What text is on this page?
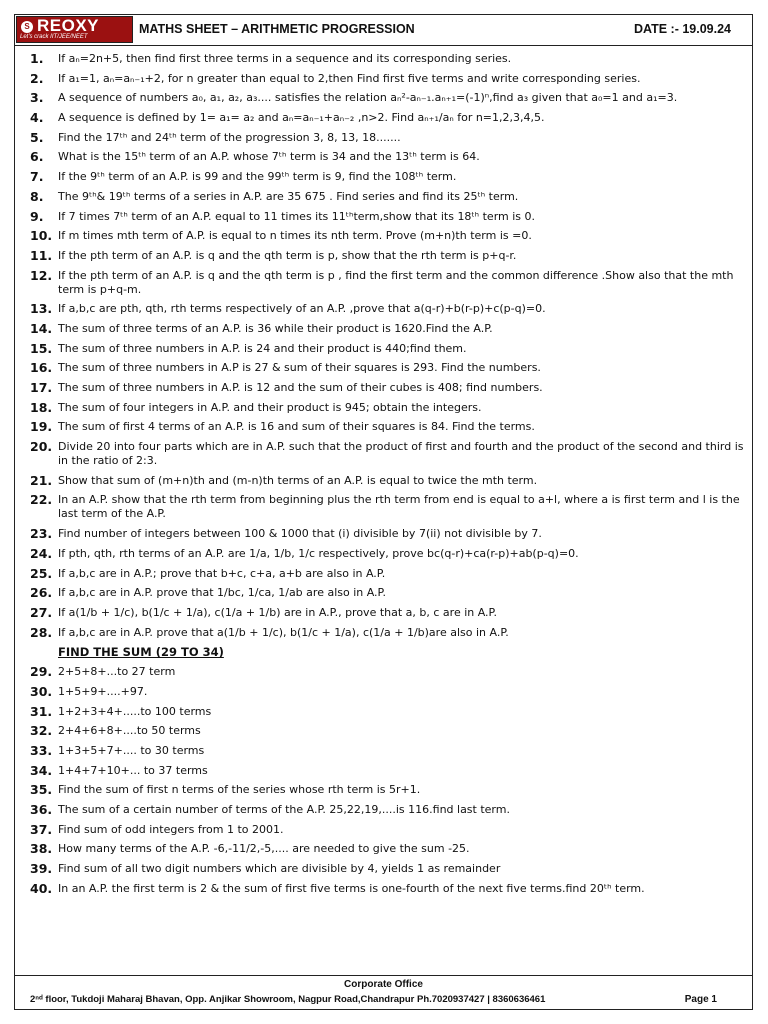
S REOXY
Let's crack IIT/JEE/NEET
MATHS SHEET – ARITHMETIC PROGRESSION	DATE :- 19.09.24
1. If aₙ=2n+5, then find first three terms in a sequence and its corresponding series.
2. If a₁=1, aₙ=aₙ₋₁+2, for n greater than equal to 2,then Find first five terms and write corresponding series.
3. A sequence of numbers a₀, a₁, a₂, a₃.... satisfies the relation aₙ²-aₙ₋₁.aₙ₊₁=(-1)ⁿ,find a₃ given that a₀=1 and a₁=3.
4. A sequence is defined by 1= a₁= a₂ and aₙ=aₙ₋₁+aₙ₋₂ ,n>2. Find aₙ₊₁/aₙ for n=1,2,3,4,5.
5. Find the 17ᵗʰ and 24ᵗʰ term of the progression 3, 8, 13, 18.......
6. What is the 15ᵗʰ term of an A.P. whose 7ᵗʰ term is 34 and the 13ᵗʰ term is 64.
7. If the 9ᵗʰ term of an A.P. is 99 and the 99ᵗʰ term is 9, find the 108ᵗʰ term.
8. The 9ᵗʰ& 19ᵗʰ terms of a series in A.P. are 35 675 . Find series and find its 25ᵗʰ term.
9. If 7 times 7ᵗʰ term of an A.P. equal to 11 times its 11ᵗʰterm,show that its 18ᵗʰ term is 0.
10. If m times mth term of A.P. is equal to n times its nth term. Prove (m+n)th term is =0.
11. If the pth term of an A.P. is q and the qth term is p, show that the rth term is p+q-r.
12. If the pth term of an A.P. is q and the qth term is p , find the first term and the common difference .Show also that the mth term is p+q-m.
13. If a,b,c are pth, qth, rth terms respectively of an A.P. ,prove that a(q-r)+b(r-p)+c(p-q)=0.
14. The sum of three terms of an A.P. is 36 while their product is 1620.Find the A.P.
15. The sum of three numbers in A.P. is 24 and their product is 440;find them.
16. The sum of three numbers in A.P is 27 & sum of their squares is 293. Find the numbers.
17. The sum of three numbers in A.P. is 12 and the sum of their cubes is 408; find numbers.
18. The sum of four integers in A.P. and their product is 945; obtain the integers.
19. The sum of first 4 terms of an A.P. is 16 and sum of their squares is 84. Find the terms.
20. Divide 20 into four parts which are in A.P. such that the product of first and fourth and the product of the second and third is in the ratio of 2:3.
21. Show that sum of (m+n)th and (m-n)th terms of an A.P. is equal to twice the mth term.
22. In an A.P. show that the rth term from beginning plus the rth term from end is equal to a+l, where a is first term and l is the last term of the A.P.
23. Find number of integers between 100 & 1000 that (i) divisible by 7(ii) not divisible by 7.
24. If pth, qth, rth terms of an A.P. are 1/a, 1/b, 1/c respectively, prove bc(q-r)+ca(r-p)+ab(p-q)=0.
25. If a,b,c are in A.P.; prove that b+c, c+a, a+b are also in A.P.
26. If a,b,c are in A.P. prove that 1/bc, 1/ca, 1/ab are also in A.P.
27. If a(1/b + 1/c), b(1/c + 1/a), c(1/a + 1/b) are in A.P., prove that a, b, c are in A.P.
28. If a,b,c are in A.P. prove that a(1/b + 1/c), b(1/c + 1/a), c(1/a + 1/b)are also in A.P.
FIND THE SUM (29 TO 34)
29. 2+5+8+...to 27 term
30. 1+5+9+....+97.
31. 1+2+3+4+.....to 100 terms
32. 2+4+6+8+....to 50 terms
33. 1+3+5+7+.... to 30 terms
34. 1+4+7+10+... to 37 terms
35. Find the sum of first n terms of the series whose rth term is 5r+1.
36. The sum of a certain number of terms of the A.P. 25,22,19,....is 116.find last term.
37. Find sum of odd integers from 1 to 2001.
38. How many terms of the A.P. -6,-11/2,-5,.... are needed to give the sum -25.
39. Find sum of all two digit numbers which are divisible by 4, yields 1 as remainder
40. In an A.P. the first term is 2 & the sum of first five terms is one-fourth of the next five terms.find 20ᵗʰ term.
Corporate Office
2ⁿᵈ floor, Tukdoji Maharaj Bhavan, Opp. Anjikar Showroom, Nagpur Road,Chandrapur Ph.7020937427 | 8360636461	Page 1
